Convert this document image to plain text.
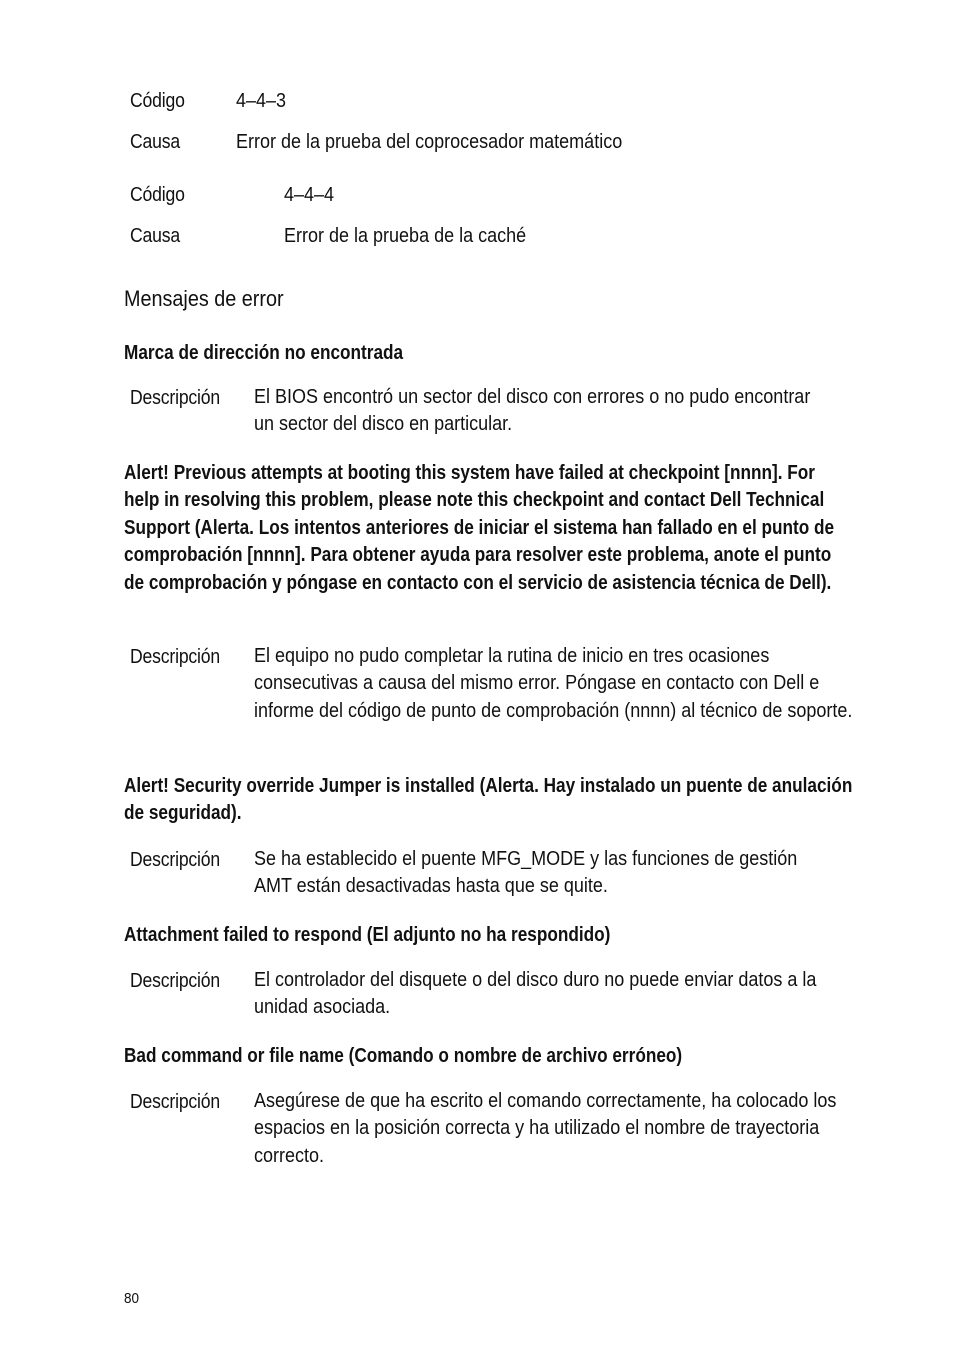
Código	4–4–3
Causa	Error de la prueba del coprocesador matemático
Código	4–4–4
Causa	Error de la prueba de la caché
Mensajes de error
Marca de dirección no encontrada
Descripción El BIOS encontró un sector del disco con errores o no pudo encontrar un sector del disco en particular.
Alert! Previous attempts at booting this system have failed at checkpoint [nnnn]. For help in resolving this problem, please note this checkpoint and contact Dell Technical Support (Alerta. Los intentos anteriores de iniciar el sistema han fallado en el punto de comprobación [nnnn]. Para obtener ayuda para resolver este problema, anote el punto de comprobación y póngase en contacto con el servicio de asistencia técnica de Dell).
Descripción El equipo no pudo completar la rutina de inicio en tres ocasiones consecutivas a causa del mismo error. Póngase en contacto con Dell e informe del código de punto de comprobación (nnnn) al técnico de soporte.
Alert! Security override Jumper is installed (Alerta. Hay instalado un puente de anulación de seguridad).
Descripción Se ha establecido el puente MFG_MODE y las funciones de gestión AMT están desactivadas hasta que se quite.
Attachment failed to respond (El adjunto no ha respondido)
Descripción El controlador del disquete o del disco duro no puede enviar datos a la unidad asociada.
Bad command or file name (Comando o nombre de archivo erróneo)
Descripción Asegúrese de que ha escrito el comando correctamente, ha colocado los espacios en la posición correcta y ha utilizado el nombre de trayectoria correcto.
80
